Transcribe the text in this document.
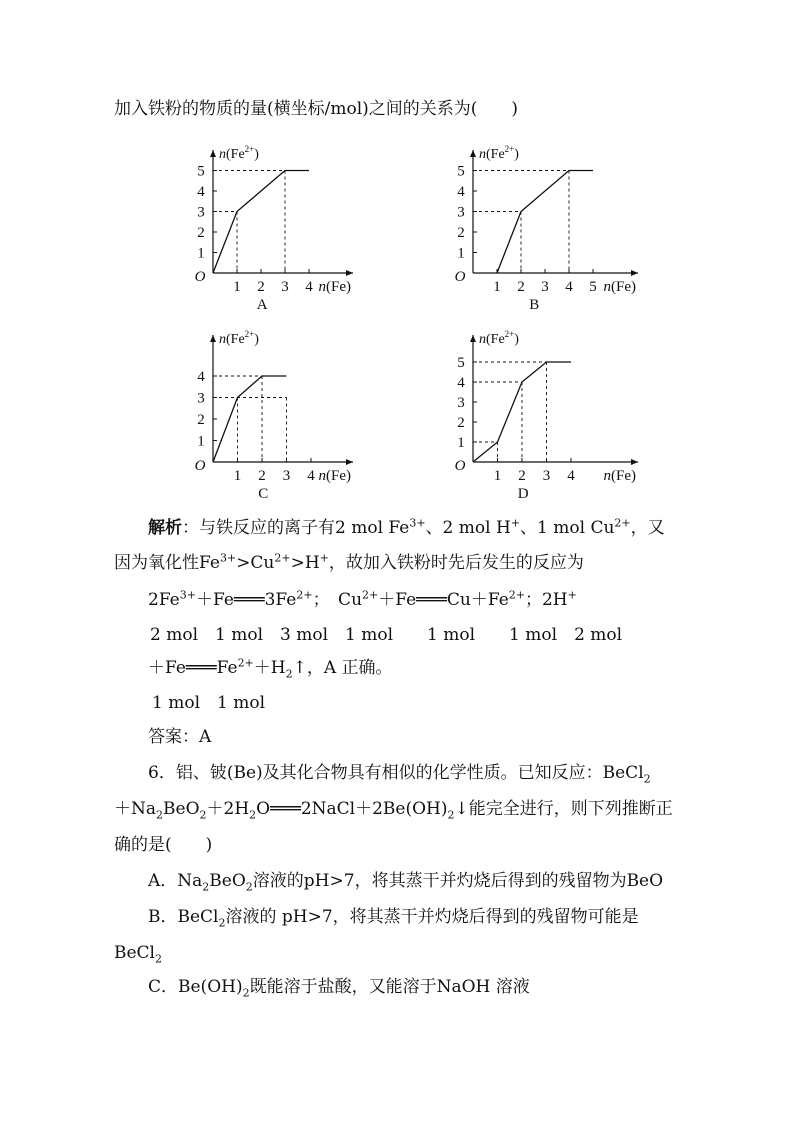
加入铁粉的物质的量(横坐标/mol)之间的关系为(　　)
1
2
3
4
5
1 2 3 4
O
$n(Fe^{2+})$
n(Fe)
A
1
2
3
4
5
1 2 3 4 5
O
$n(Fe^{2+})$
n(Fe)
B
1
2
3
4
1 2 3 4
O
$n(Fe^{2+})$
n(Fe)
C
1
2
3
4
5
1 2 3 4
O
$n(Fe^{2+})$
n(Fe)
D
解析：与铁反应的离子有2 mol $Fe^{3+}$、2 mol H+、1 mol $Cu^{2+}$，又
因为氧化性$Fe^{3+}>Cu^{2+}>H^+$，故加入铁粉时先后发生的反应为
$2Fe^{3+}+Fe═══3Fe^{2+}$；　$Cu^{2+}+Fe═══Cu+Fe^{2+}$；2H+
2 mol　1 mol　3 mol　1 mol　　1 mol　　1 mol　2 mol
$+Fe═══Fe^{2+}+H_2↑$，A 正确。
1 mol　1 mol
答案：A
6．铝、铍(Be)及其化合物具有相似的化学性质。已知反应：BeCl$_2$
$+Na_2BeO_2+2H_2O═══2NaCl+2Be(OH)_2↓$能完全进行，则下列推断正
确的是(　　)
A．$Na_2BeO_2$溶液的pH>7，将其蒸干并灼烧后得到的残留物为BeO
B．BeCl$_2$溶液的 pH>7，将其蒸干并灼烧后得到的残留物可能是
BeCl$_2$
C．$Be(OH)_2$既能溶于盐酸，又能溶于NaOH 溶液
